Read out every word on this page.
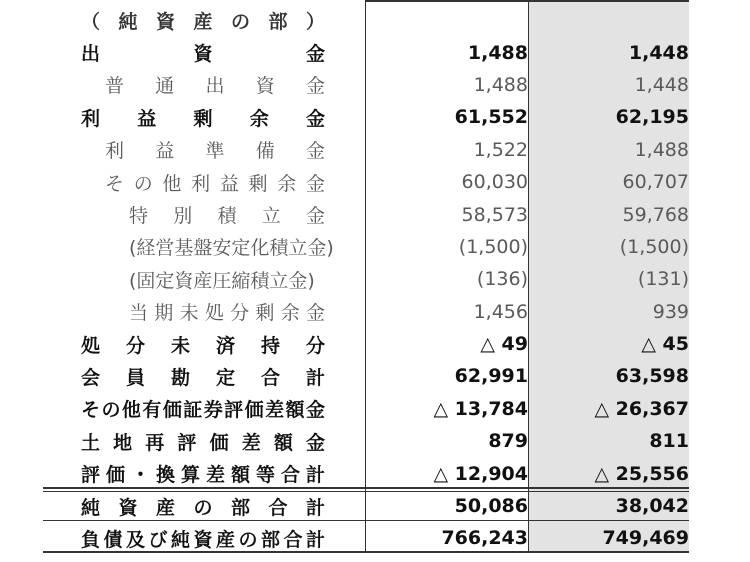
（純資産の部）		

出資金	1,488	1,448

普通出資金	1,488	1,448

利益剰余金	61,552	62,195

利益準備金	1,522	1,488

その他利益剰余金	60,030	60,707

特別積立金	58,573	59,768

(経営基盤安定化積立金)	(1,500)	(1,500)

(固定資産圧縮積立金)	(136)	(131)

当期未処分剰余金	1,456	939

処分未済持分	△ 49	△ 45

会員勘定合計	62,991	63,598

その他有価証券評価差額金	△ 13,784	△ 26,367

土地再評価差額金	879	811

評価・換算差額等合計	△ 12,904	△ 25,556

純資産の部合計	50,086	38,042

負債及び純資産の部合計	766,243	749,469
